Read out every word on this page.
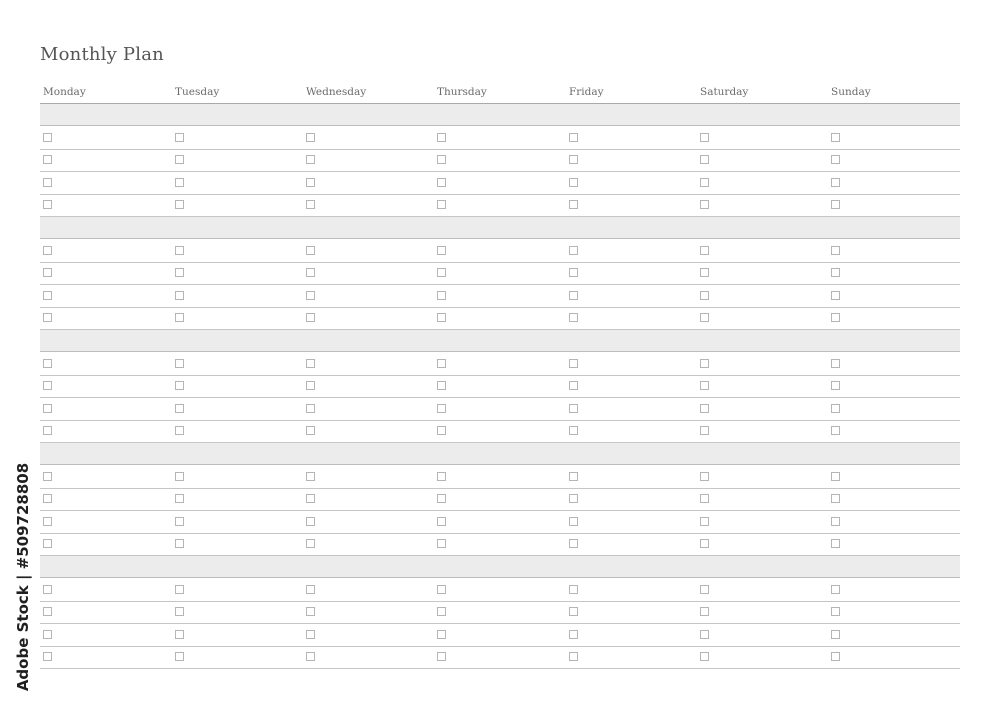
Monthly Plan
Monday	Tuesday	Wednesday	Thursday	Friday	Saturday	Sunday
Adobe Stock | #509728808
